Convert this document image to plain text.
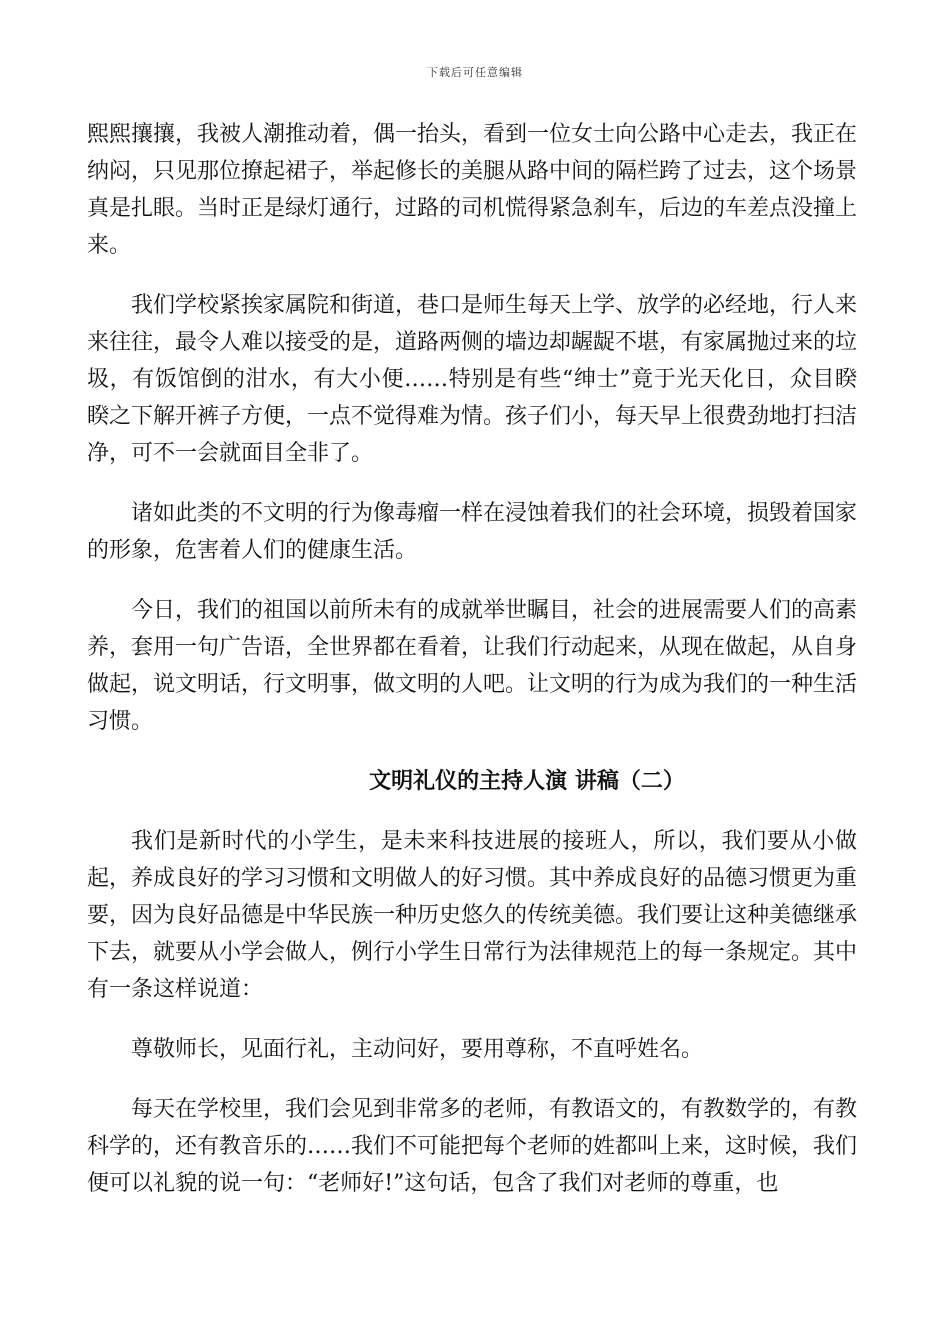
下载后可任意编辑

熙熙攘攘，我被人潮推动着，偶一抬头，看到一位女士向公路中心走去，我正在纳闷，只见那位撩起裙子，举起修长的美腿从路中间的隔栏跨了过去，这个场景真是扎眼。当时正是绿灯通行，过路的司机慌得紧急刹车，后边的车差点没撞上来。

我们学校紧挨家属院和街道，巷口是师生每天上学、放学的必经地，行人来来往往，最令人难以接受的是，道路两侧的墙边却龌龊不堪，有家属抛过来的垃圾，有饭馆倒的泔水，有大小便……特别是有些“绅士”竟于光天化日，众目睽睽之下解开裤子方便，一点不觉得难为情。孩子们小，每天早上很费劲地打扫洁净，可不一会就面目全非了。

诸如此类的不文明的行为像毒瘤一样在浸蚀着我们的社会环境，损毁着国家的形象，危害着人们的健康生活。

今日，我们的祖国以前所未有的成就举世瞩目，社会的进展需要人们的高素养，套用一句广告语，全世界都在看着，让我们行动起来，从现在做起，从自身做起，说文明话，行文明事，做文明的人吧。让文明的行为成为我们的一种生活习惯。

文明礼仪的主持人演 讲稿（二）

我们是新时代的小学生，是未来科技进展的接班人，所以，我们要从小做起，养成良好的学习习惯和文明做人的好习惯。其中养成良好的品德习惯更为重要，因为良好品德是中华民族一种历史悠久的传统美德。我们要让这种美德继承下去，就要从小学会做人，例行小学生日常行为法律规范上的每一条规定。其中有一条这样说道：

尊敬师长，见面行礼，主动问好，要用尊称，不直呼姓名。

每天在学校里，我们会见到非常多的老师，有教语文的，有教数学的，有教科学的，还有教音乐的……我们不可能把每个老师的姓都叫上来，这时候，我们便可以礼貌的说一句：“老师好!”这句话，包含了我们对老师的尊重，也
